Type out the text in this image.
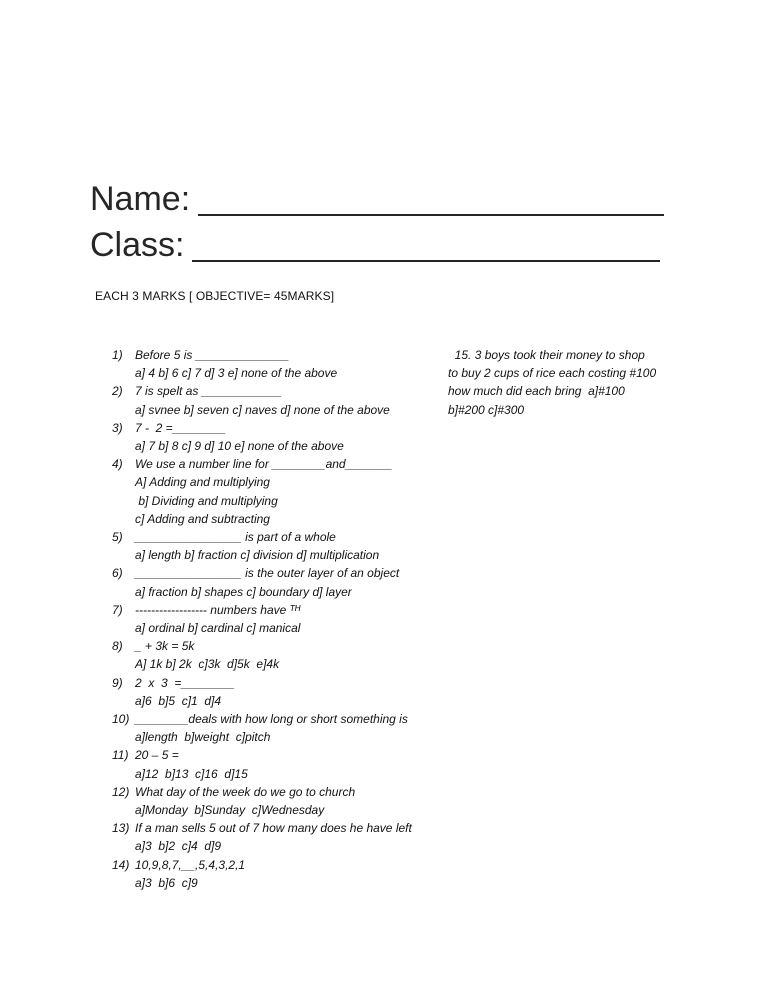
Name:
Class:
EACH 3 MARKS [ OBJECTIVE= 45MARKS]
1)	Before 5 is ______________
a] 4 b] 6 c] 7 d] 3 e] none of the above
2)	7 is spelt as ____________
a] svnee b] seven c] naves d] none of the above
3)	7 -  2 =________
a] 7 b] 8 c] 9 d] 10 e] none of the above
4)	We use a number line for ________and_______
A] Adding and multiplying
b] Dividing and multiplying
c] Adding and subtracting
5)	________________ is part of a whole
a] length b] fraction c] division d] multiplication
6)	________________ is the outer layer of an object
a] fraction b] shapes c] boundary d] layer
7)	------------------ numbers have ᵀᴴ
a] ordinal b] cardinal c] manical
8)	_ + 3k = 5k
A] 1k b] 2k  c]3k  d]5k  e]4k
9)	2  x  3  =________
a]6  b]5  c]1  d]4
10) ________deals with how long or short something is
a]length  b]weight  c]pitch
11) 20 – 5 =
a]12  b]13  c]16  d]15
12) What day of the week do we go to church
a]Monday  b]Sunday  c]Wednesday
13) If a man sells 5 out of 7 how many does he have left
a]3  b]2  c]4  d]9
14) 10,9,8,7,__,5,4,3,2,1
a]3  b]6  c]9
15. 3 boys took their money to shop
to buy 2 cups of rice each costing #100
how much did each bring  a]#100
b]#200 c]#300
